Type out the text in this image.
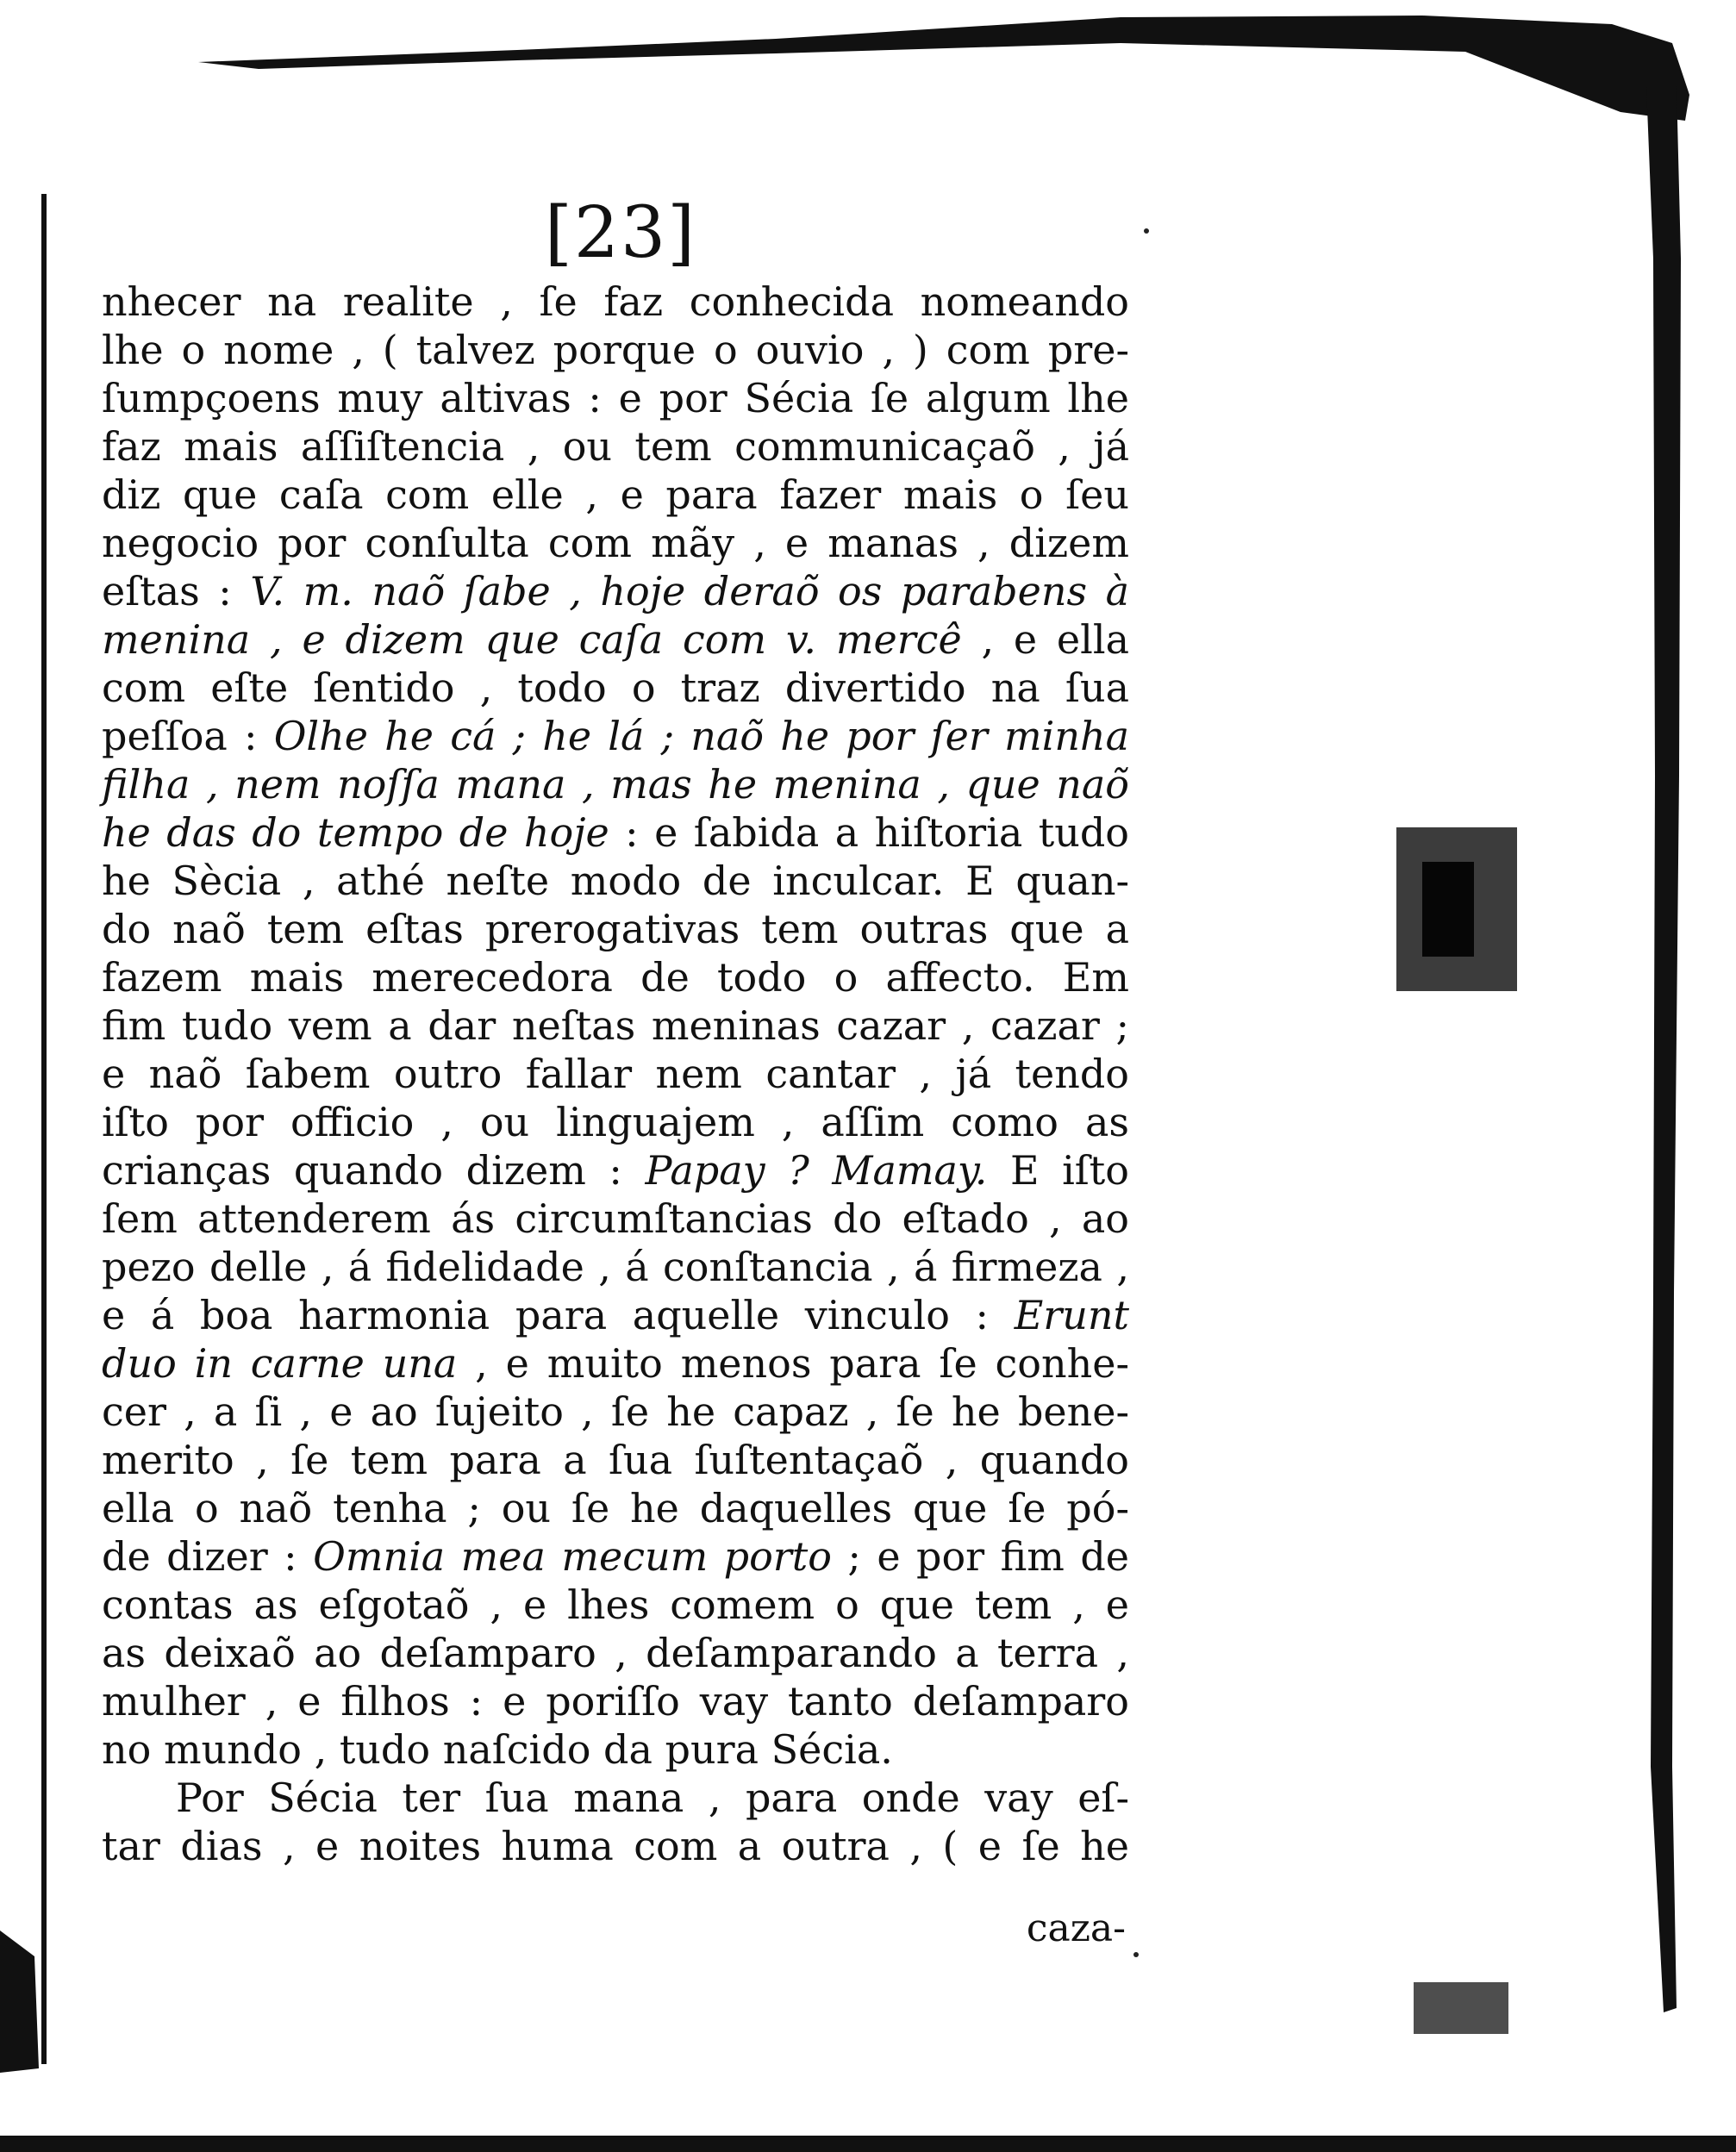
[23]
nhecer na realite , ſe faz conhecida nomeando
lhe o nome , ( talvez porque o ouvio , ) com pre-
ſumpçoens muy altivas : e por Sécia ſe algum lhe
faz mais aſſiſtencia , ou tem communicaçaõ , já
diz que caſa com elle , e para fazer mais o ſeu
negocio por conſulta com mãy , e manas , dizem
eſtas : V. m. naõ ſabe , hoje deraõ os parabens à
menina , e dizem que caſa com v. mercê , e ella
com eſte ſentido , todo o traz divertido na ſua
peſſoa : Olhe he cá ; he lá ; naõ he por ſer minha
filha , nem noſſa mana , mas he menina , que naõ
he das do tempo de hoje : e ſabida a hiſtoria tudo
he Sècia , athé neſte modo de inculcar. E quan-
do naõ tem eſtas prerogativas tem outras que a
fazem mais merecedora de todo o affecto. Em
fim tudo vem a dar neſtas meninas cazar , cazar ;
e naõ ſabem outro fallar nem cantar , já tendo
iſto por officio , ou linguajem , aſſim como as
crianças quando dizem : Papay ? Mamay. E iſto
ſem attenderem ás circumſtancias do eſtado , ao
pezo delle , á fidelidade , á conſtancia , á firmeza ,
e á boa harmonia para aquelle vinculo : Erunt
duo in carne una , e muito menos para ſe conhe-
cer , a ſi , e ao ſujeito , ſe he capaz , ſe he bene-
merito , ſe tem para a ſua ſuſtentaçaõ , quando
ella o naõ tenha ; ou ſe he daquelles que ſe pó-
de dizer : Omnia mea mecum porto ; e por fim de
contas as eſgotaõ , e lhes comem o que tem , e
as deixaõ ao deſamparo , deſamparando a terra ,
mulher , e filhos : e poriſſo vay tanto deſamparo
no mundo , tudo naſcido da pura Sécia.
Por Sécia ter ſua mana , para onde vay eſ-
tar dias , e noites huma com a outra , ( e ſe he
caza-
